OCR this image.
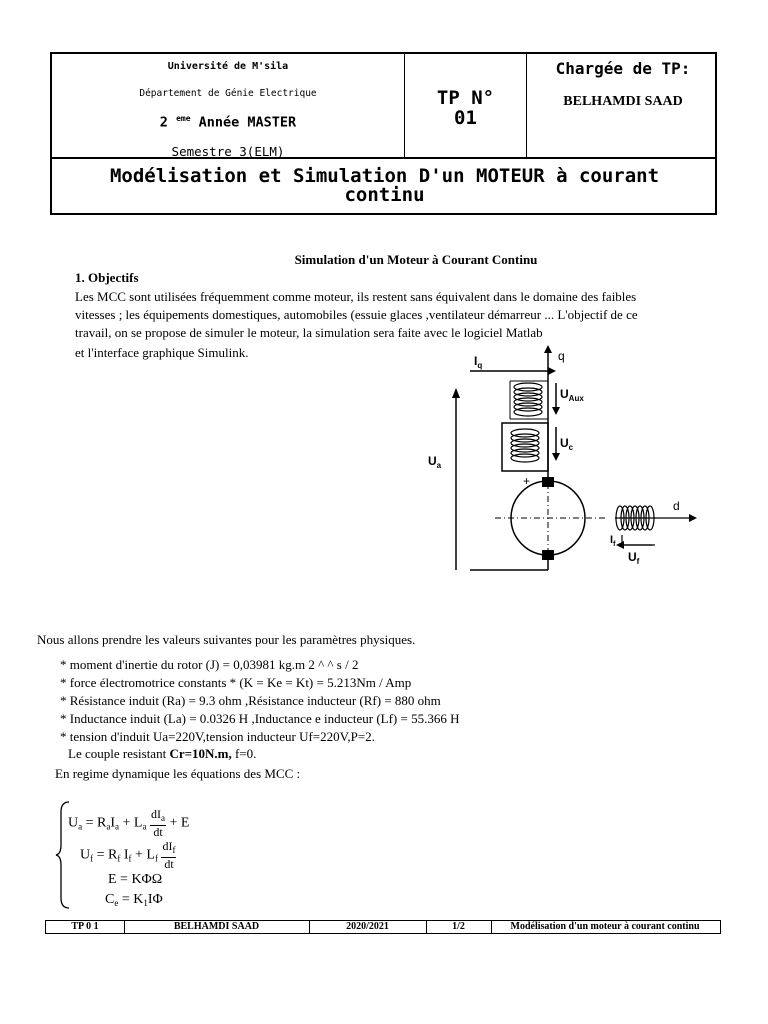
Université de M'sila
Département de Génie Electrique
2 $^{eme}$ Année MASTER
Semestre 3(ELM)
TP N°
01
Chargée de TP:
BELHAMDI SAAD
Modélisation et Simulation D'un MOTEUR à courant
continu
Simulation d'un Moteur à Courant Continu
1. Objectifs

Les MCC sont utilisées fréquemment comme moteur, ils restent sans équivalent dans le domaine des faibles

vitesses ; les équipements domestiques, automobiles (essuie glaces ,ventilateur démarreur ... L'objectif de ce

travail, on se propose de simuler le moteur, la simulation sera faite avec le logiciel Matlab

et l'interface graphique Simulink.
$I_q$
q
$U_{Aux}$
$U_c$
$U_a$
+
d
$I_f$
$U_f$
Nous allons prendre les valeurs suivantes pour les paramètres physiques.
* moment d'inertie du rotor (J) = 0,03981 kg.m 2 ^ ^ s / 2
* force électromotrice constants * (K = Ke = Kt) = 5.213Nm / Amp
* Résistance induit (Ra) = 9.3 ohm ,Résistance inducteur (Rf) = 880 ohm
* Inductance induit (La) = 0.0326 H ,Inductance e inducteur (Lf) = 55.366 H
* tension d'induit Ua=220V,tension inducteur Uf=220V,P=2.
Le couple resistant Cr=10N.m, f=0.
En regime dynamique les équations des MCC :
$U_a = R_aI_a + L_a \frac{dI_a}{dt} + E$
$U_f = R_f$ $I_f + L_f \frac{dI_f}{dt}$
E = KΦΩ
$C_e = K_1I\Phi$
TP 0 1	BELHAMDI SAAD	2020/2021	1/2	Modélisation d'un moteur à courant continu
